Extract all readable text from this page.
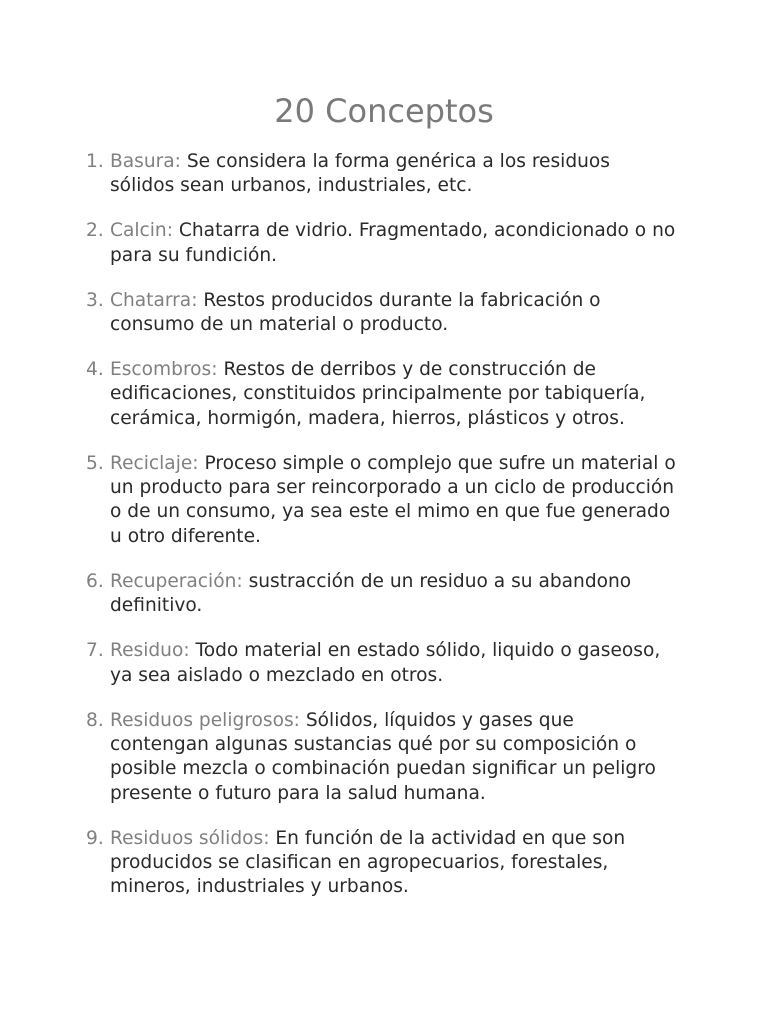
20 Conceptos
1. Basura: Se considera la forma genérica a los residuos sólidos sean urbanos, industriales, etc.
2. Calcin: Chatarra de vidrio. Fragmentado, acondicionado o no para su fundición.
3. Chatarra: Restos producidos durante la fabricación o consumo de un material o producto.
4. Escombros: Restos de derribos y de construcción de edificaciones, constituidos principalmente por tabiquería, cerámica, hormigón, madera, hierros, plásticos y otros.
5. Reciclaje: Proceso simple o complejo que sufre un material o un producto para ser reincorporado a un ciclo de producción o de un consumo, ya sea este el mimo en que fue generado u otro diferente.
6. Recuperación: sustracción de un residuo a su abandono definitivo.
7. Residuo: Todo material en estado sólido, liquido o gaseoso, ya sea aislado o mezclado en otros.
8. Residuos peligrosos: Sólidos, líquidos y gases que contengan algunas sustancias qué por su composición o posible mezcla o combinación puedan significar un peligro presente o futuro para la salud humana.
9. Residuos sólidos: En función de la actividad en que son producidos se clasifican en agropecuarios, forestales, mineros, industriales y urbanos.
